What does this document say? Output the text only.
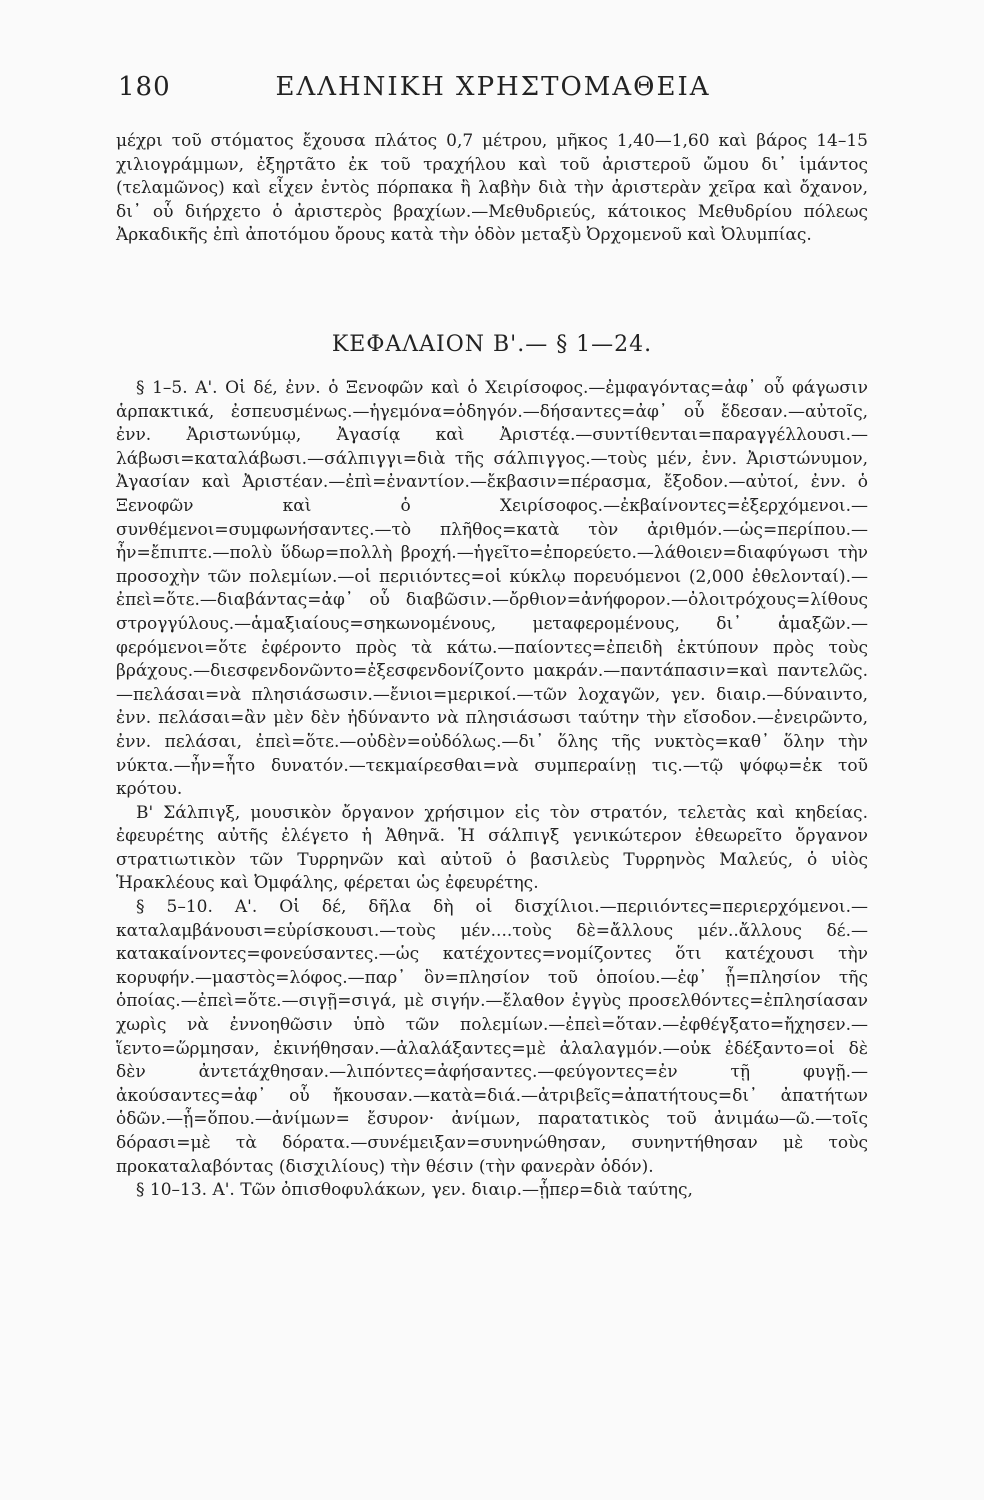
180	ΕΛΛΗΝΙΚΗ ΧΡΗΣΤΟΜΑΘΕΙΑ

μέχρι τοῦ στόματος ἔχουσα πλάτος 0,7 μέτρου, μῆκος 1,40—1,60 καὶ βάρος 14–15 χιλιογράμμων, ἐξηρτᾶτο ἐκ τοῦ τραχήλου καὶ τοῦ ἀριστεροῦ ὤμου δι᾽ ἱμάντος (τελαμῶνος) καὶ εἶχεν ἐντὸς πόρπακα ἢ λαβὴν διὰ τὴν ἀριστερὰν χεῖρα καὶ ὄχανον, δι᾽ οὗ διήρχετο ὁ ἀριστερὸς βραχίων.—Μεθυδριεύς, κάτοικος Μεθυδρίου πόλεως Ἀρκαδικῆς ἐπὶ ἀποτόμου ὄρους κατὰ τὴν ὁδὸν μεταξὺ Ὀρχομενοῦ καὶ Ὀλυμπίας.

ΚΕΦΑΛΑΙΟΝ Β'.— § 1—24.

§ 1–5. Α'. Οἱ δέ, ἐνν. ὁ Ξενοφῶν καὶ ὁ Χειρίσοφος.—ἐμφαγόντας=ἀφ᾽ οὗ φάγωσιν ἁρπακτικά, ἐσπευσμένως.—ἡγεμόνα=ὁδηγόν.—δήσαντες=ἀφ᾽ οὗ ἔδεσαν.—αὐτοῖς, ἐνν. Ἀριστωνύμῳ, Ἀγασίᾳ καὶ Ἀριστέᾳ.—συντίθενται=παραγγέλλουσι.—λάβωσι=καταλάβωσι.—σάλπιγγι=διὰ τῆς σάλπιγγος.—τοὺς μέν, ἐνν. Ἀριστώνυμον, Ἀγασίαν καὶ Ἀριστέαν.—ἐπὶ=ἐναντίον.—ἔκβασιν=πέρασμα, ἔξοδον.—αὐτοί, ἐνν. ὁ Ξενοφῶν καὶ ὁ Χειρίσοφος.—ἐκβαίνοντες=ἐξερχόμενοι.—συνθέμενοι=συμφωνήσαντες.—τὸ πλῆθος=κατὰ τὸν ἀριθμόν.—ὡς=περίπου.—ἦν=ἔπιπτε.—πολὺ ὕδωρ=πολλὴ βροχή.—ἡγεῖτο=ἐπορεύετο.—λάθοιεν=διαφύγωσι τὴν προσοχὴν τῶν πολεμίων.—οἱ περιιόντες=οἱ κύκλῳ πορευόμενοι (2,000 ἐθελονταί).—ἐπεὶ=ὅτε.—διαβάντας=ἀφ᾽ οὗ διαβῶσιν.—ὄρθιον=ἀνήφορον.—ὀλοιτρόχους=λίθους στρογγύλους.—ἁμαξιαίους=σηκωνομένους, μεταφερομένους, δι᾽ ἁμαξῶν.—φερόμενοι=ὅτε ἐφέροντο πρὸς τὰ κάτω.—παίοντες=ἐπειδὴ ἐκτύπουν πρὸς τοὺς βράχους.—διεσφενδονῶντο=ἐξεσφενδονίζοντο μακράν.—παντάπασιν=καὶ παντελῶς.—πελάσαι=νὰ πλησιάσωσιν.—ἔνιοι=μερικοί.—τῶν λοχαγῶν, γεν. διαιρ.—δύναιντο, ἐνν. πελάσαι=ἂν μὲν δὲν ἠδύναντο νὰ πλησιάσωσι ταύτην τὴν εἴσοδον.—ἐνειρῶντο, ἐνν. πελάσαι, ἐπεὶ=ὅτε.—οὐδὲν=οὐδόλως.—δι᾽ ὅλης τῆς νυκτὸς=καθ᾽ ὅλην τὴν νύκτα.—ἦν=ἦτο δυνατόν.—τεκμαίρεσθαι=νὰ συμπεραίνῃ τις.—τῷ ψόφῳ=ἐκ τοῦ κρότου.

Β' Σάλπιγξ, μουσικὸν ὄργανον χρήσιμον εἰς τὸν στρατόν, τελετὰς καὶ κηδείας. ἐφευρέτης αὐτῆς ἐλέγετο ἡ Ἀθηνᾶ. Ἡ σάλπιγξ γενικώτερον ἐθεωρεῖτο ὄργανον στρατιωτικὸν τῶν Τυρρηνῶν καὶ αὐτοῦ ὁ βασιλεὺς Τυρρηνὸς Μαλεύς, ὁ υἱὸς Ἡρακλέους καὶ Ὀμφάλης, φέρεται ὡς ἐφευρέτης.

§ 5–10. Α'. Οἱ δέ, δῆλα δὴ οἱ δισχίλιοι.—περιιόντες=περιερχόμενοι.—καταλαμβάνουσι=εὑρίσκουσι.—τοὺς μέν....τοὺς δὲ=ἄλλους μέν..ἄλλους δέ.—κατακαίνοντες=φονεύσαντες.—ὡς κατέχοντες=νομίζοντες ὅτι κατέχουσι τὴν κορυφήν.—μαστὸς=λόφος.—παρ᾽ ὃν=πλησίον τοῦ ὁποίου.—ἐφ᾽ ᾗ=πλησίον τῆς ὁποίας.—ἐπεὶ=ὅτε.—σιγῇ=σιγά, μὲ σιγήν.—ἔλαθον ἐγγὺς προσελθόντες=ἐπλησίασαν χωρὶς νὰ ἐννοηθῶσιν ὑπὸ τῶν πολεμίων.—ἐπεὶ=ὅταν.—ἐφθέγξατο=ἤχησεν.—ἵεντο=ὥρμησαν, ἐκινήθησαν.—ἀλαλάξαντες=μὲ ἀλαλαγμόν.—οὐκ ἐδέξαντο=οἱ δὲ δὲν ἀντετάχθησαν.—λιπόντες=ἀφήσαντες.—φεύγοντες=ἐν τῇ φυγῇ.—ἀκούσαντες=ἀφ᾽ οὗ ἤκουσαν.—κατὰ=διά.—ἀτριβεῖς=ἀπατήτους=δι᾽ ἀπατήτων ὁδῶν.—ᾗ=ὅπου.—ἀνίμων= ἔσυρον· ἀνίμων, παρατατικὸς τοῦ ἀνιμάω—ῶ.—τοῖς δόρασι=μὲ τὰ δόρατα.—συνέμειξαν=συνηνώθησαν, συνηντήθησαν μὲ τοὺς προκαταλαβόντας (δισχιλίους) τὴν θέσιν (τὴν φανερὰν ὁδόν).

§ 10–13. Α'. Τῶν ὀπισθοφυλάκων, γεν. διαιρ.—ᾗπερ=διὰ ταύτης,
